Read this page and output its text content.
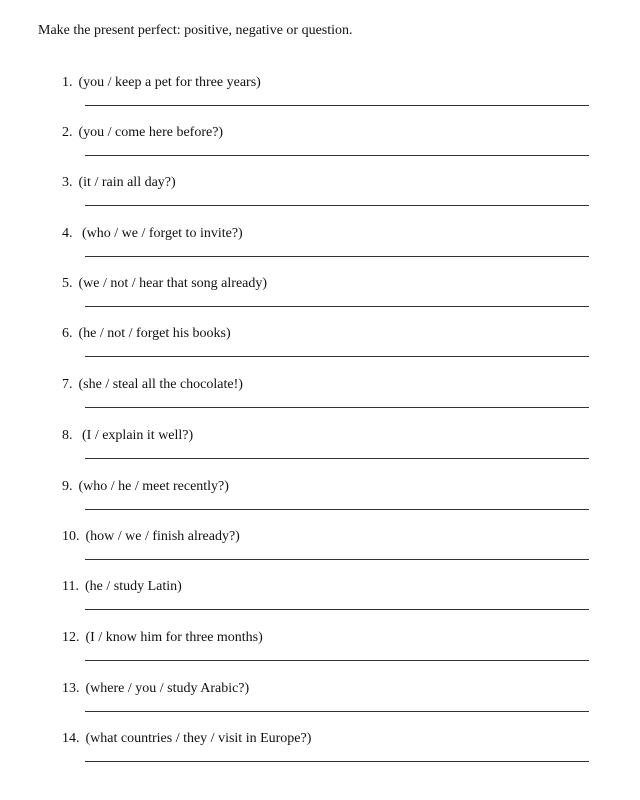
Make the present perfect: positive, negative or question.
1. (you / keep a pet for three years)
2. (you / come here before?)
3. (it / rain all day?)
4. (who / we / forget to invite?)
5. (we / not / hear that song already)
6. (he / not / forget his books)
7. (she / steal all the chocolate!)
8. (I / explain it well?)
9. (who / he / meet recently?)
10. (how / we / finish already?)
11. (he / study Latin)
12. (I / know him for three months)
13. (where / you / study Arabic?)
14. (what countries / they / visit in Europe?)
